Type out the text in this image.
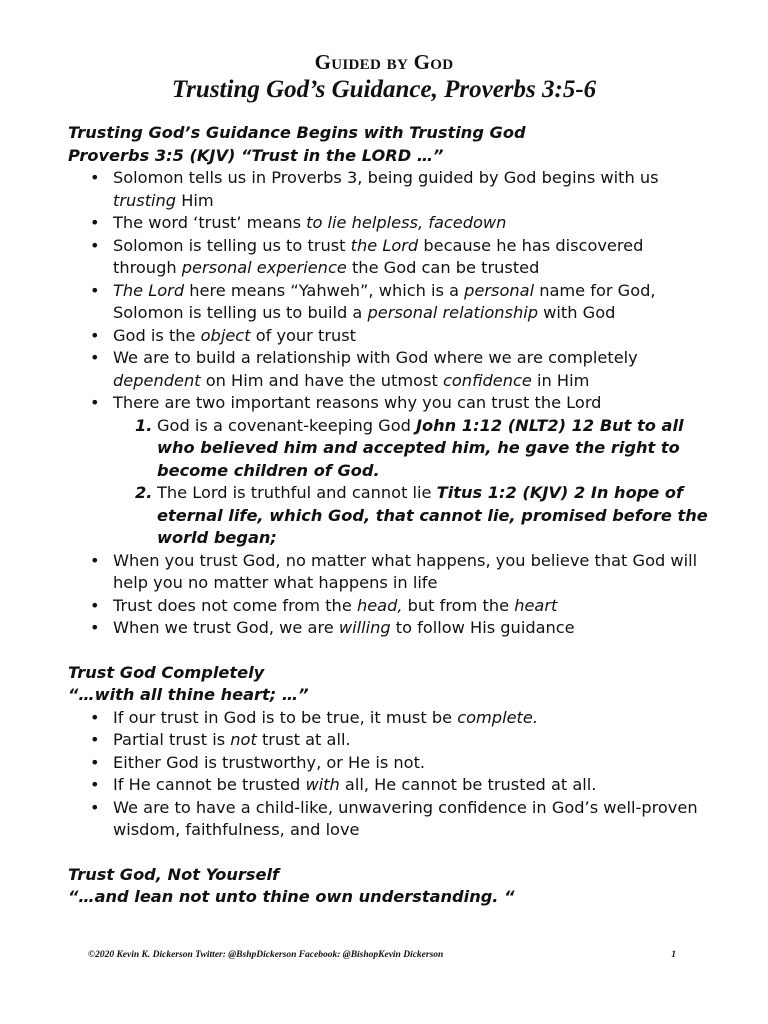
Guided by God
Trusting God’s Guidance, Proverbs 3:5-6
Trusting God’s Guidance Begins with Trusting God
Proverbs 3:5 (KJV) “Trust in the LORD …”
• Solomon tells us in Proverbs 3, being guided by God begins with us trusting Him
• The word ‘trust’ means to lie helpless, facedown
• Solomon is telling us to trust the Lord because he has discovered through personal experience the God can be trusted
• The Lord here means “Yahweh”, which is a personal name for God, Solomon is telling us to build a personal relationship with God
• God is the object of your trust
• We are to build a relationship with God where we are completely dependent on Him and have the utmost confidence in Him
• There are two important reasons why you can trust the Lord
1. God is a covenant-keeping God John 1:12 (NLT2) 12 But to all who believed him and accepted him, he gave the right to become children of God.
2. The Lord is truthful and cannot lie Titus 1:2 (KJV) 2 In hope of eternal life, which God, that cannot lie, promised before the world began;
• When you trust God, no matter what happens, you believe that God will help you no matter what happens in life
• Trust does not come from the head, but from the heart
• When we trust God, we are willing to follow His guidance
Trust God Completely
“…with all thine heart; …”
• If our trust in God is to be true, it must be complete.
• Partial trust is not trust at all.
• Either God is trustworthy, or He is not.
• If He cannot be trusted with all, He cannot be trusted at all.
• We are to have a child-like, unwavering confidence in God’s well-proven wisdom, faithfulness, and love
Trust God, Not Yourself
“…and lean not unto thine own understanding. “
©2020 Kevin K. Dickerson Twitter: @BshpDickerson Facebook: @BishopKevin Dickerson	1
